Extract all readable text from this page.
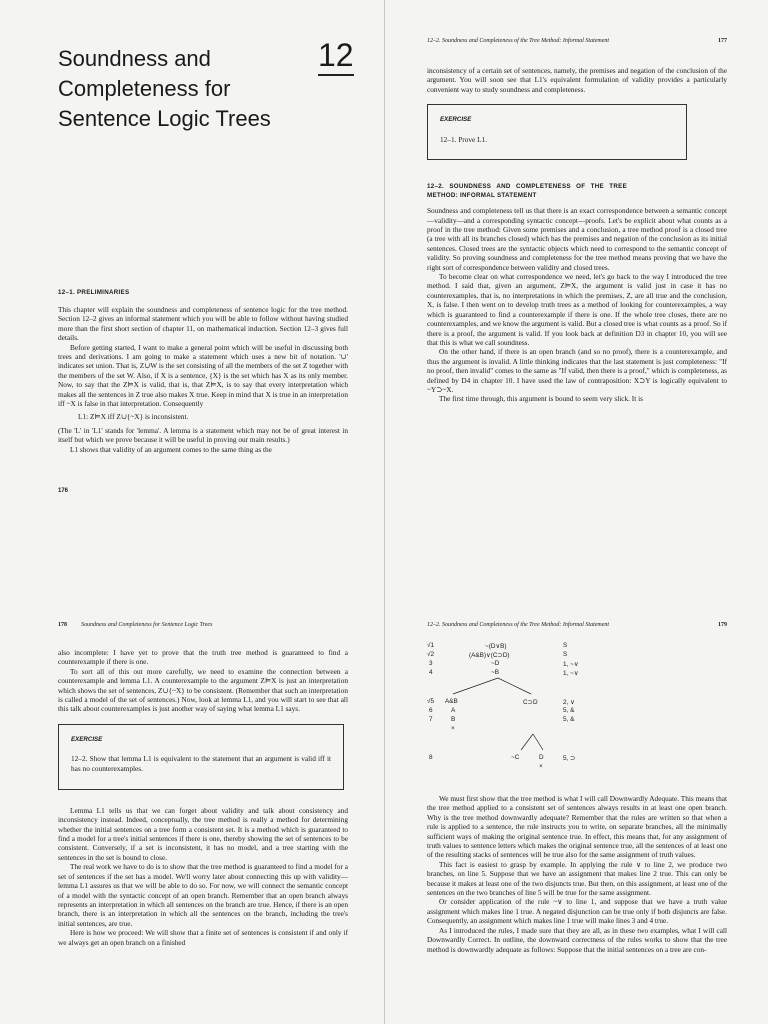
Soundness and Completeness for Sentence Logic Trees
12
12–1. PRELIMINARIES

This chapter will explain the soundness and completeness of sentence logic for the tree method. Section 12–2 gives an informal statement which you will be able to follow without having studied more than the first short section of chapter 11, on mathematical induction. Section 12–3 gives full details.

Before getting started, I want to make a general point which will be useful in discussing both trees and derivations. I am going to make a statement which uses a new bit of notation. '∪' indicates set union. That is, Z∪W is the set consisting of all the members of the set Z together with the members of the set W. Also, if X is a sentence, {X} is the set which has X as its only member. Now, to say that the Z⊨X is valid, that is, that Z⊨X, is to say that every interpretation which makes all the sentences in Z true also makes X true. Keep in mind that X is true in an interpretation iff ~X is false in that interpretation. Consequently

L1: Z⊨X iff Z∪{~X} is inconsistent.

(The 'L' in 'L1' stands for 'lemma'. A lemma is a statement which may not be of great interest in itself but which we prove because it will be useful in proving our main results.)

L1 shows that validity of an argument comes to the same thing as the

176
12–2. Soundness and Completeness of the Tree Method: Informal Statement	177

inconsistency of a certain set of sentences, namely, the premises and negation of the conclusion of the argument. You will soon see that L1's equivalent formulation of validity provides a particularly convenient way to study soundness and completeness.

EXERCISE
12–1. Prove L1.
12–2. SOUNDNESS AND COMPLETENESS OF THE TREE METHOD: INFORMAL STATEMENT

Soundness and completeness tell us that there is an exact correspondence between a semantic concept—validity—and a corresponding syntactic concept—proofs. Let's be explicit about what counts as a proof in the tree method: Given some premises and a conclusion, a tree method proof is a closed tree (a tree with all its branches closed) which has the premises and negation of the conclusion as its initial sentences. Closed trees are the syntactic objects which need to correspond to the semantic concept of validity. So proving soundness and completeness for the tree method means proving that we have the right sort of correspondence between validity and closed trees.

To become clear on what correspondence we need, let's go back to the way I introduced the tree method. I said that, given an argument, Z⊨X, the argument is valid just in case it has no counterexamples, that is, no interpretations in which the premises, Z, are all true and the conclusion, X, is false. I then went on to develop truth trees as a method of looking for counterexamples, a way which is guaranteed to find a counterexample if there is one. If the whole tree closes, there are no counterexamples, and we know the argument is valid. But a closed tree is what counts as a proof. So if there is a proof, the argument is valid. If you look back at definition D3 in chapter 10, you will see that this is what we call soundness.

On the other hand, if there is an open branch (and so no proof), there is a counterexample, and thus the argument is invalid. A little thinking indicates that the last statement is just completeness: "If no proof, then invalid" comes to the same as "If valid, then there is a proof," which is completeness, as defined by D4 in chapter 10. I have used the law of contraposition: X⊃Y is logically equivalent to ~Y⊃~X.

The first time through, this argument is bound to seem very slick. It is

178 Soundness and Completeness for Sentence Logic Trees

also incomplete: I have yet to prove that the truth tree method is guaranteed to find a counterexample if there is one.

To sort all of this out more carefully, we need to examine the connection between a counterexample and lemma L1. A counterexample to the argument Z⊨X is just an interpretation which shows the set of sentences, Z∪{~X} to be consistent. (Remember that such an interpretation is called a model of the set of sentences.) Now, look at lemma L1, and you will start to see that all this talk about counterexamples is just another way of saying what lemma L1 says.

EXERCISE
12–2. Show that lemma L1 is equivalent to the statement that an argument is valid iff it has no counterexamples.

Lemma L1 tells us that we can forget about validity and talk about consistency and inconsistency instead. Indeed, conceptually, the tree method is really a method for determining whether the initial sentences on a tree form a consistent set. It is a method which is guaranteed to find a model for a tree's initial sentences if there is one, thereby showing the set of sentences to be consistent. Conversely, if a set is inconsistent, it has no model, and a tree starting with the sentences in the set is bound to close.

The real work we have to do is to show that the tree method is guaranteed to find a model for a set of sentences if the set has a model. We'll worry later about connecting this up with validity—lemma L1 assures us that we will be able to do so. For now, we will connect the semantic concept of a model with the syntactic concept of an open branch. Remember that an open branch always represents an interpretation in which all sentences on the branch are true. Hence, if there is an open branch, there is an interpretation in which all the sentences on the branch, including the tree's initial sentences, are true.

Here is how we proceed: We will show that a finite set of sentences is consistent if and only if we always get an open branch on a finished

12–2. Soundness and Completeness of the Tree Method: Informal Statement	179
√1	~(D∨B)	S
√2	(A&B)∨(C⊃D)	S
3	~D	1, ~∨
4	~B	1, ~∨
√5 A&B	C⊃D	2, ∨
6	A	5, &
7	B	5, &
×
8	~C	D	5, ⊃
×

We must first show that the tree method is what I will call Downwardly Adequate. This means that the tree method applied to a consistent set of sentences always results in at least one open branch. Why is the tree method downwardly adequate? Remember that the rules are written so that when a rule is applied to a sentence, the rule instructs you to write, on separate branches, all the minimally sufficient ways of making the original sentence true. In effect, this means that, for any assignment of truth values to sentence letters which makes the original sentence true, all the sentences of at least one of the resulting stacks of sentences will be true also for the same assignment of truth values.

This fact is easiest to grasp by example. In applying the rule ∨ to line 2, we produce two branches, on line 5. Suppose that we have an assignment that makes line 2 true. This can only be because it makes at least one of the two disjuncts true. But then, on this assignment, at least one of the sentences on the two branches of line 5 will be true for the same assignment.

Or consider application of the rule ~∨ to line 1, and suppose that we have a truth value assignment which makes line 1 true. A negated disjunction can be true only if both disjuncts are false. Consequently, an assignment which makes line 1 true will make lines 3 and 4 true.

As I introduced the rules, I made sure that they are all, as in these two examples, what I will call Downwardly Correct. In outline, the downward correctness of the rules works to show that the tree method is downwardly adequate as follows: Suppose that the initial sentences on a tree are con-
